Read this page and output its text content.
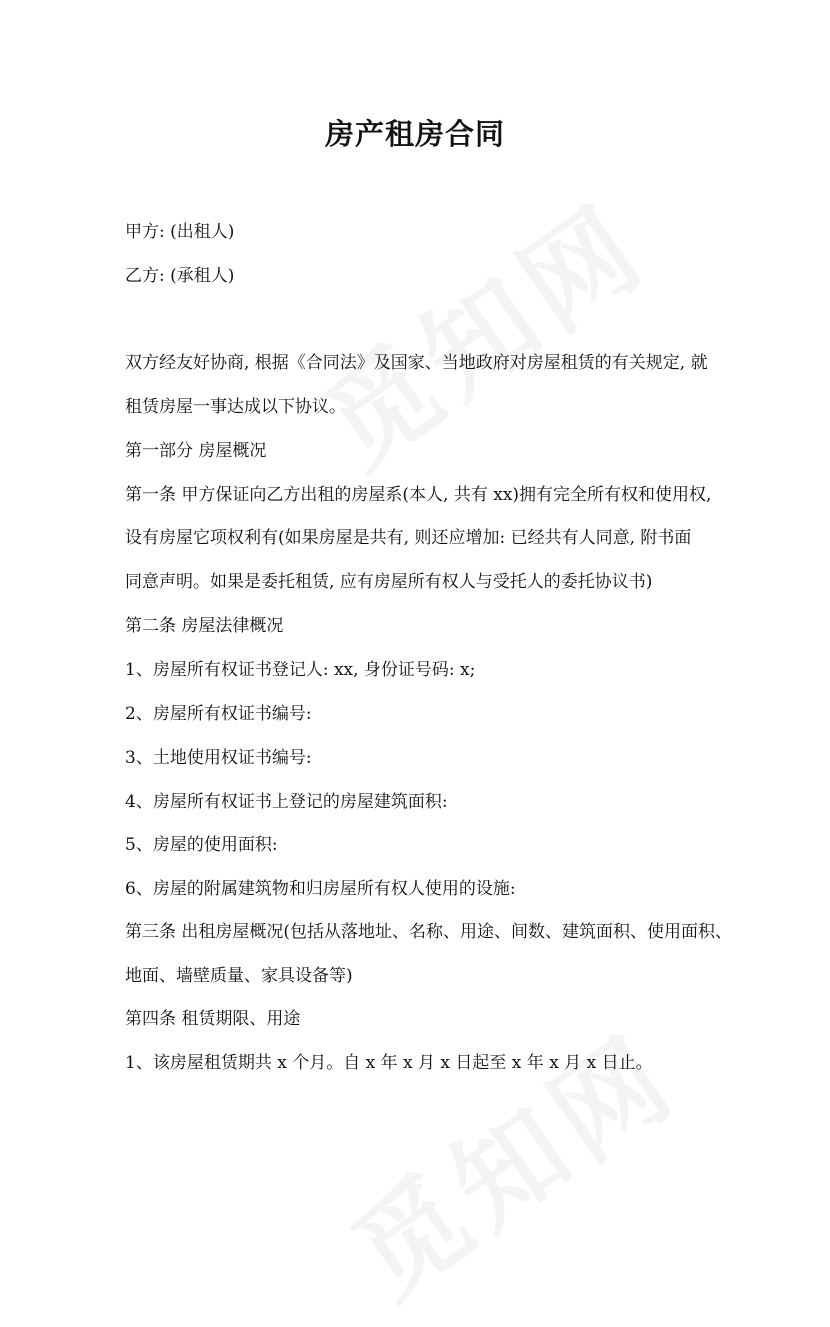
房产租房合同
甲方: (出租人)
乙方: (承租人)
双方经友好协商, 根据《合同法》及国家、当地政府对房屋租赁的有关规定, 就
租赁房屋一事达成以下协议。
第一部分 房屋概况
第一条 甲方保证向乙方出租的房屋系(本人, 共有 xx)拥有完全所有权和使用权,
设有房屋它项权利有(如果房屋是共有, 则还应增加: 已经共有人同意, 附书面
同意声明。如果是委托租赁, 应有房屋所有权人与受托人的委托协议书)
第二条 房屋法律概况
1、房屋所有权证书登记人: xx, 身份证号码: x;
2、房屋所有权证书编号:
3、土地使用权证书编号:
4、房屋所有权证书上登记的房屋建筑面积:
5、房屋的使用面积:
6、房屋的附属建筑物和归房屋所有权人使用的设施:
第三条 出租房屋概况(包括从落地址、名称、用途、间数、建筑面积、使用面积、
地面、墙壁质量、家具设备等)
第四条 租赁期限、用途
1、该房屋租赁期共 x 个月。自 x 年 x 月 x 日起至 x 年 x 月 x 日止。
